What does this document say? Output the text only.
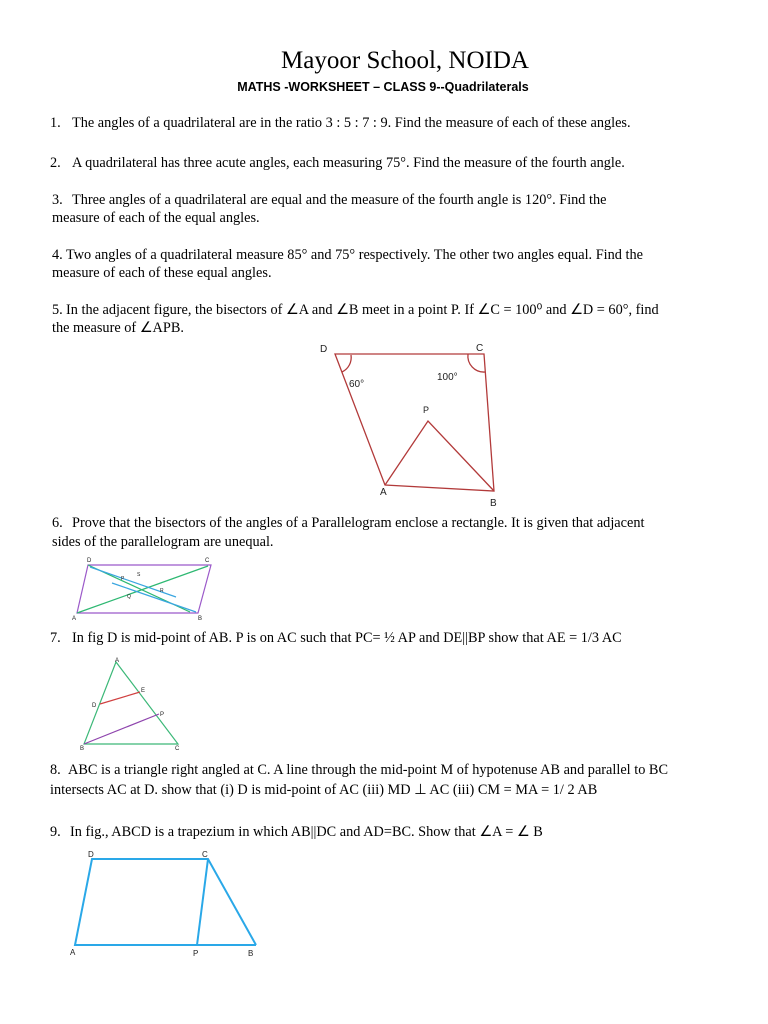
Mayoor School, NOIDA
MATHS -WORKSHEET – CLASS 9--Quadrilaterals
1. The angles of a quadrilateral are in the ratio 3 : 5 : 7 : 9. Find the measure of each of these angles.
2. A quadrilateral has three acute angles, each measuring 75°. Find the measure of the fourth angle.
3. Three angles of a quadrilateral are equal and the measure of the fourth angle is 120°. Find the
measure of each of the equal angles.
4. Two angles of a quadrilateral measure 85° and 75° respectively. The other two angles equal. Find the
measure of each of these equal angles.
5. In the adjacent figure, the bisectors of ∠A and ∠B meet in a point P. If ∠C = 100⁰ and ∠D = 60°, find
the measure of ∠APB.
6. Prove that the bisectors of the angles of a Parallelogram enclose a rectangle. It is given that adjacent
sides of the parallelogram are unequal.
7. In fig D is mid-point of AB. P is on AC such that PC= ½ AP and DE||BP show that AE = 1/3 AC
8. ABC is a triangle right angled at C. A line through the mid-point M of hypotenuse AB and parallel to BC
intersects AC at D. show that (i) D is mid-point of AC (iii) MD ⊥ AC (iii) CM = MA = 1/ 2 AB
9. In fig., ABCD is a trapezium in which AB||DC and AD=BC. Show that ∠A = ∠ B
D	C
60°
100°
P
A
B
D	C
A	B
P
S
Q
R
A
D
E
P
B	C
D	C
A	P	B
